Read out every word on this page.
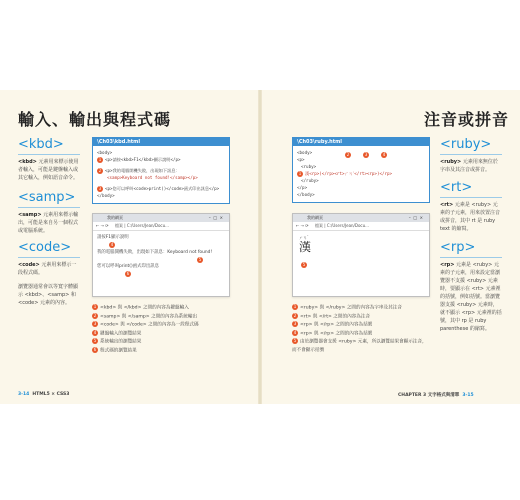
輸入、輸出與程式碼
<kbd>
<kbd> 元素用來標示使用者輸入，可能是鍵盤輸入或其它輸入，例如語音命令。
<samp>
<samp> 元素用來標示輸出，可能是來自另一個程式或電腦系統。
<code>
<code> 元素用來標示一段程式碼。
瀏覽器通常會以等寬字體顯示 <kbd>、<samp> 和 <code> 元素的內容。
\Ch03\kbd.html
<body>
1 <p>請按<kbd>F1</kbd>顯示說明</p>
2 <p>我的電腦開機失敗，出現如下訊息：
<samp>Keyboard not found!</samp></p>
3 <p>您可以呼叫<code>print()</code>函式印出訊息</p>
</body>
我的網頁	–  □  ×
← → ⟳ 檔案 | C:/Users/Jean/Docu...
請按F1顯示說明
4
我的電腦開機失敗，出現如下訊息：Keyboard not found!
5
您可以呼叫print()函式印出訊息
6
1 <kbd> 與 </kbd> 之間的內容為鍵盤輸入
2 <samp> 與 </samp> 之間的內容為系統輸出
3 <code> 與 </code> 之間的內容為一段程式碼
4 鍵盤輸入的瀏覽結果
5 系統輸出的瀏覽結果
6 程式碼的瀏覽結果
3-14 HTML5 × CSS3
注音或拼音
\Ch03\ruby.html
<body>
<p>
<ruby>
1 漢<rp>(</rp><rt>ㄏㄢˋ</rt><rp>)</rp>
</ruby>
</p>
</body>
2	3	4
我的網頁	–  □  ×
← → ⟳ 檔案 | C:/Users/Jean/Docu...
ㄏㄢˋ
漢
5
1 <ruby> 與 </ruby> 之間的內容為字串及其注音
2 <rt> 與 </rt> 之間的內容為注音
3 <rp> 與 </rp> 之間的內容為括號
4 <rp> 與 </rp> 之間的內容為括號
5 由於瀏覽器會支援 <ruby> 元素，所以瀏覽結果會顯示注音，而不會顯示括號
<ruby>
<ruby> 元素用來無位於字串及其注音或拼音。
<rt>
<rt> 元素是 <ruby> 元素的子元素，用來放置注音或拼音，其中 rt 是 ruby text 的縮寫。
<rp>
<rp> 元素是 <ruby> 元素的子元素，用來設定當瀏覽器不支援 <ruby> 元素時，要顯示在 <rt> 元素裡的括號，例如括號。當瀏覽器支援 <ruby> 元素時，就不顯示 <rp> 元素裡的括號，其中 rp 是 ruby parenthese 的縮寫。
CHAPTER 3 文字格式與清單 3-15
